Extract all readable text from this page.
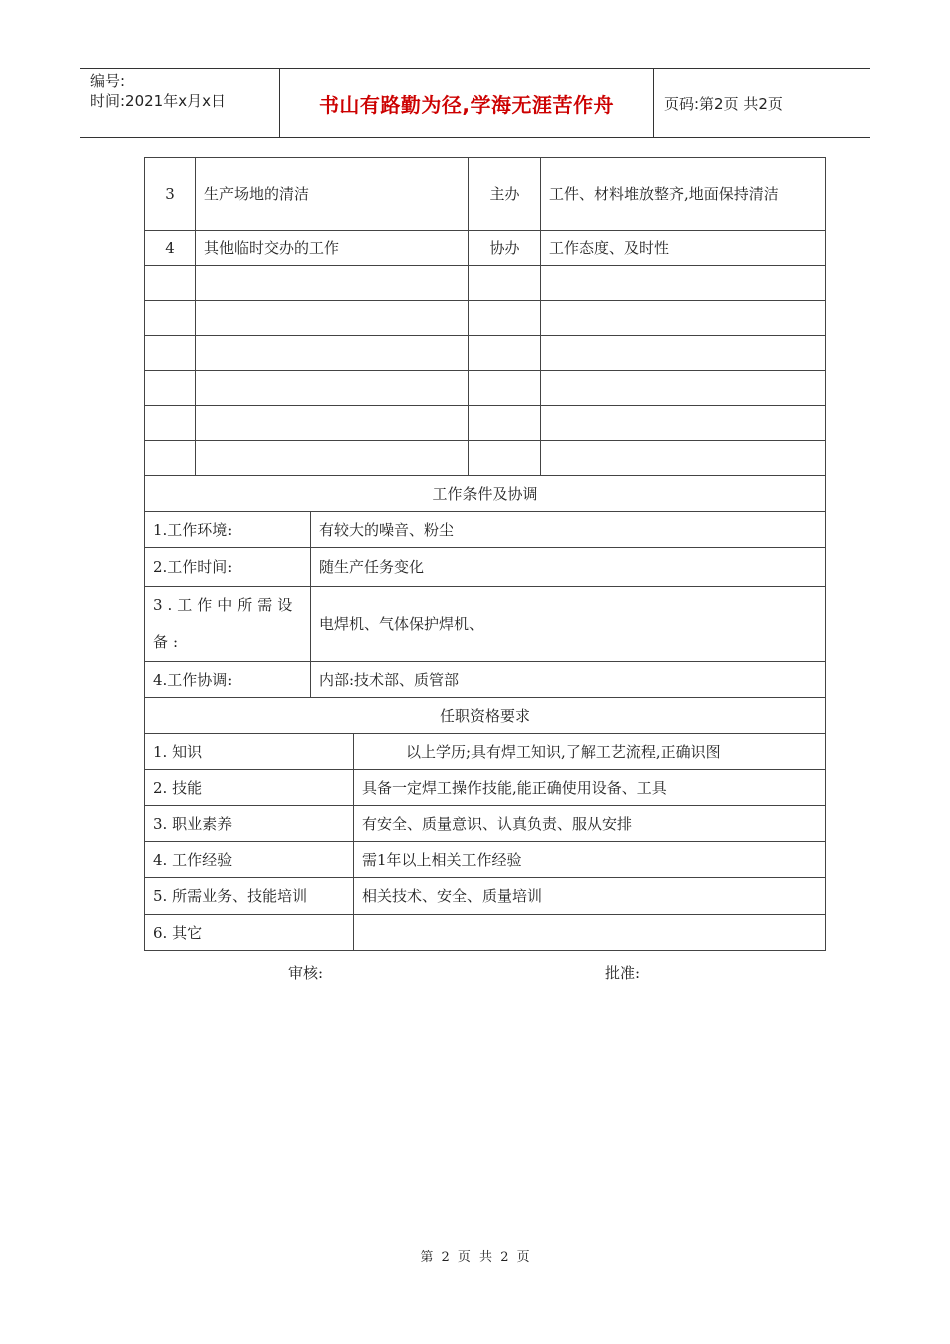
编号:
时间:2021年x月x日	书山有路勤为径,学海无涯苦作舟	页码:第2页 共2页
3	生产场地的清洁	主办	工件、材料堆放整齐,地面保持清洁
4	其他临时交办的工作	协办	工作态度、及时性

工作条件及协调	
1.工作环境:	有较大的噪音、粉尘
2.工作时间:	随生产任务变化
3.工作中所需设备:	电焊机、气体保护焊机、
4.工作协调:	内部:技术部、质管部
任职资格要求	
1. 知识	以上学历;具有焊工知识,了解工艺流程,正确识图
2. 技能	具备一定焊工操作技能,能正确使用设备、工具
3. 职业素养	有安全、质量意识、认真负责、服从安排
4. 工作经验	需1年以上相关工作经验
5. 所需业务、技能培训	相关技术、安全、质量培训
6. 其它	
审核:	批准:
第 2 页 共 2 页
